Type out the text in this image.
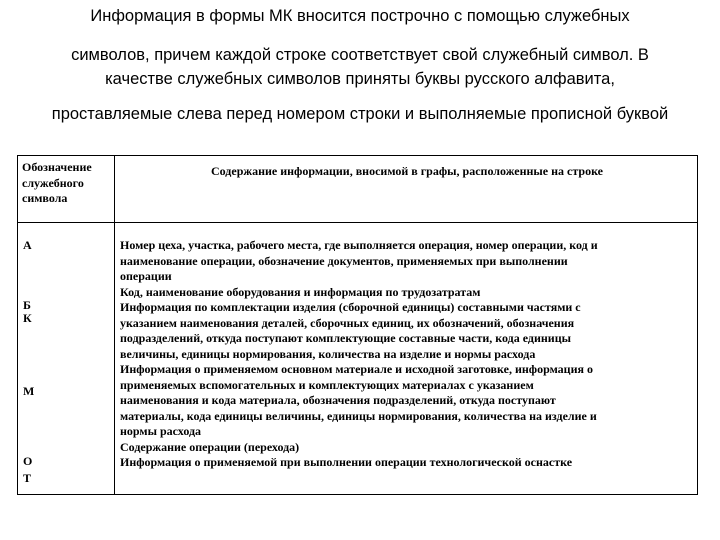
Информация в формы МК вносится построчно с помощью служебных
символов, причем каждой строке соответствует свой служебный символ. В
качестве служебных символов приняты буквы русского алфавита,
проставляемые слева перед номером строки и выполняемые прописной буквой
Обозначение
служебного
символа
Содержание информации, вносимой в графы, расположенные на строке
А
Б
К
М
О
Т
Номер цеха, участка, рабочего места, где выполняется операция, номер операции, код и
наименование операции, обозначение документов, применяемых при выполнении
операции
Код, наименование оборудования и информация по трудозатратам
Информация по комплектации изделия (сборочной единицы) составными частями с
указанием наименования деталей, сборочных единиц, их обозначений, обозначения
подразделений, откуда поступают комплектующие составные части, кода единицы
величины, единицы нормирования, количества на изделие и нормы расхода
Информация о применяемом основном материале и исходной заготовке, информация о
применяемых вспомогательных и комплектующих материалах с указанием
наименования и кода материала, обозначения подразделений, откуда поступают
материалы, кода единицы величины, единицы нормирования, количества на изделие и
нормы расхода
Содержание операции (перехода)
Информация о применяемой при выполнении операции технологической оснастке
